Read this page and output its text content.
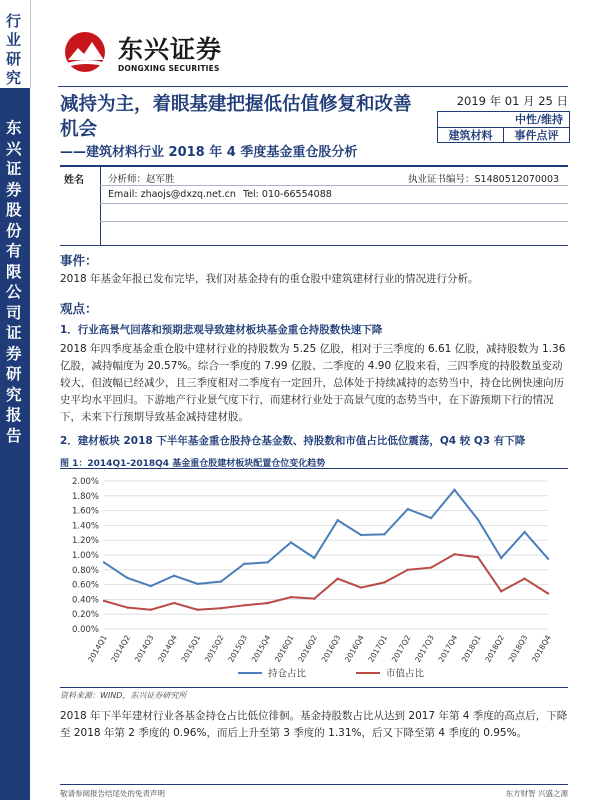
行业研究
东兴证券股份有限公司证券研究报告
东兴证券
DONGXING SECURITIES
减持为主，着眼基建把握低估值修复和改善机会
——建筑材料行业 2018 年 4 季度基金重仓股分析
2019 年 01 月 25 日
中性/维持
建筑材料	事件点评
姓名	分析师：赵军胜	执业证书编号：S1480512070003
Email: zhaojs@dxzq.net.cn Tel: 010-66554088
事件：
2018 年基金年报已发布完毕，我们对基金持有的重仓股中建筑建材行业的情况进行分析。
观点：
1．行业高景气回落和预期悲观导致建材板块基金重仓持股数快速下降
2018 年四季度基金重仓股中建材行业的持股数为 5.25 亿股，相对于三季度的 6.61 亿股，减持股数为 1.36 亿股，减持幅度为 20.57%。综合一季度的 7.99 亿股、二季度的 4.90 亿股来看，三四季度的持股数虽变动较大，但波幅已经减少，且三季度相对二季度有一定回升，总体处于持续减持的态势当中，持仓比例快速向历史平均水平回归。下游地产行业景气度下行，而建材行业处于高景气度的态势当中，在下游预期下行的情况下，未来下行预期导致基金减持建材股。
2．建材板块 2018 下半年基金重仓股持仓基金数、持股数和市值占比低位震荡，Q4 较 Q3 有下降
图 1：2014Q1-2018Q4 基金重仓股建材板块配置仓位变化趋势
0.00%
0.20%
0.40%
0.60%
0.80%
1.00%
1.20%
1.40%
1.60%
1.80%
2.00%
2014Q1 2014Q2 2014Q3 2014Q4 2015Q1 2015Q2 2015Q3 2015Q4 2016Q1 2016Q2 2016Q3 2016Q4 2017Q1 2017Q2 2017Q3 2017Q4 2018Q1 2018Q2 2018Q3 2018Q4
持仓占比	市值占比
资料来源：WIND，东兴证券研究所
2018 年下半年建材行业各基金持仓占比低位徘徊。基金持股数占比从达到 2017 年第 4 季度的高点后，下降至 2018 年第 2 季度的 0.96%，而后上升至第 3 季度的 1.31%，后又下降至第 4 季度的 0.95%。
敬请参阅报告结尾处的免责声明	东方财智 兴盛之源
